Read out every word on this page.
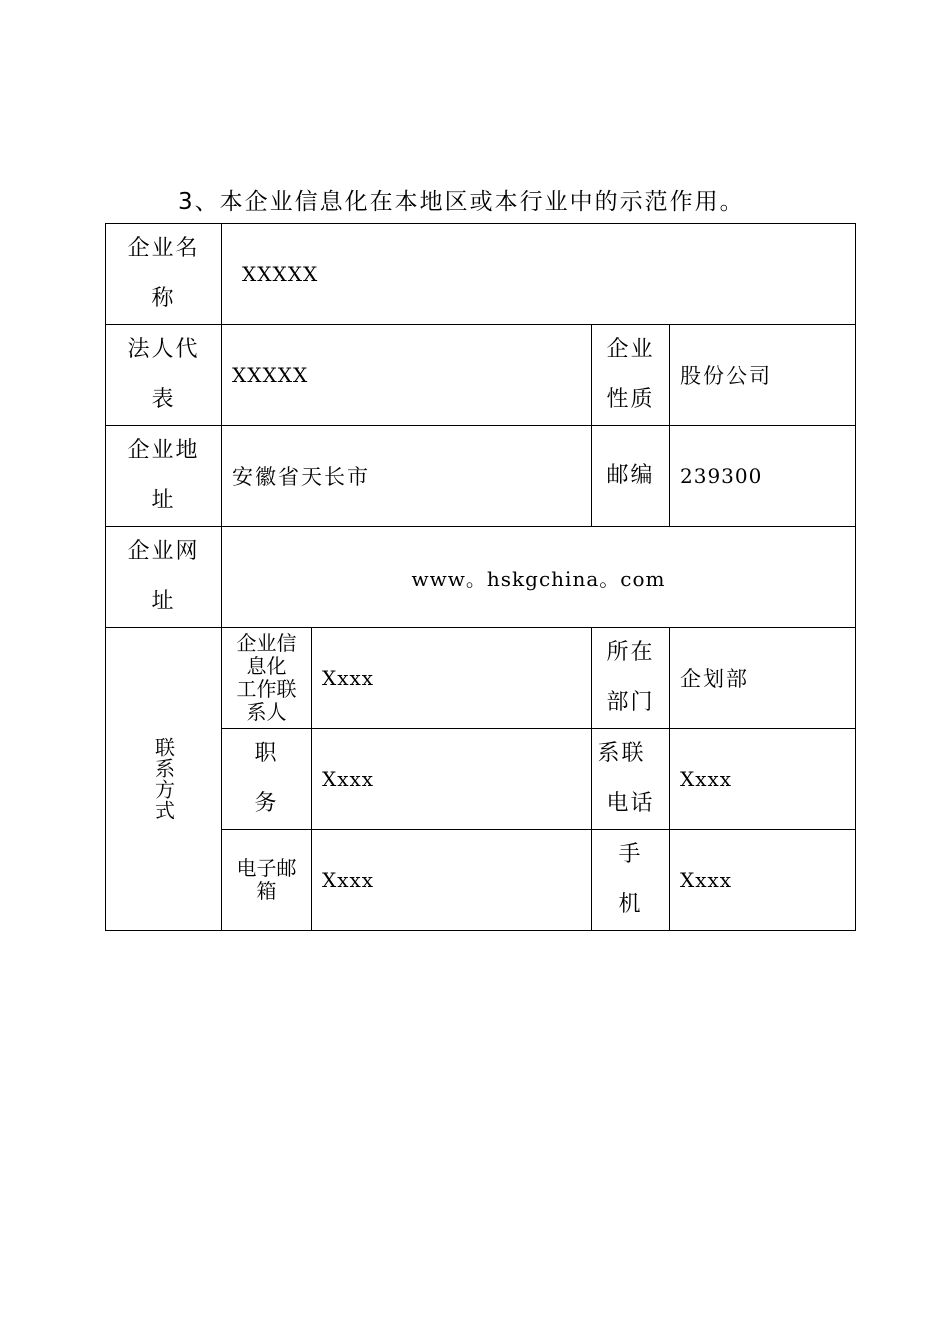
3、本企业信息化在本地区或本行业中的示范作用。
企业名
称	XXXXX			

法人代
表	XXXXX		企业
性质	股份公司

企业地
址	安徽省天长市		邮编	239300

企业网
址	www。hskgchina。com			

联系方式	企业信
息化
工作联
系人	Xxxx	所在
部门	企划部

	职
务	Xxxx	系联
电话	Xxxx

	电子邮
箱	Xxxx	手
机	Xxxx
